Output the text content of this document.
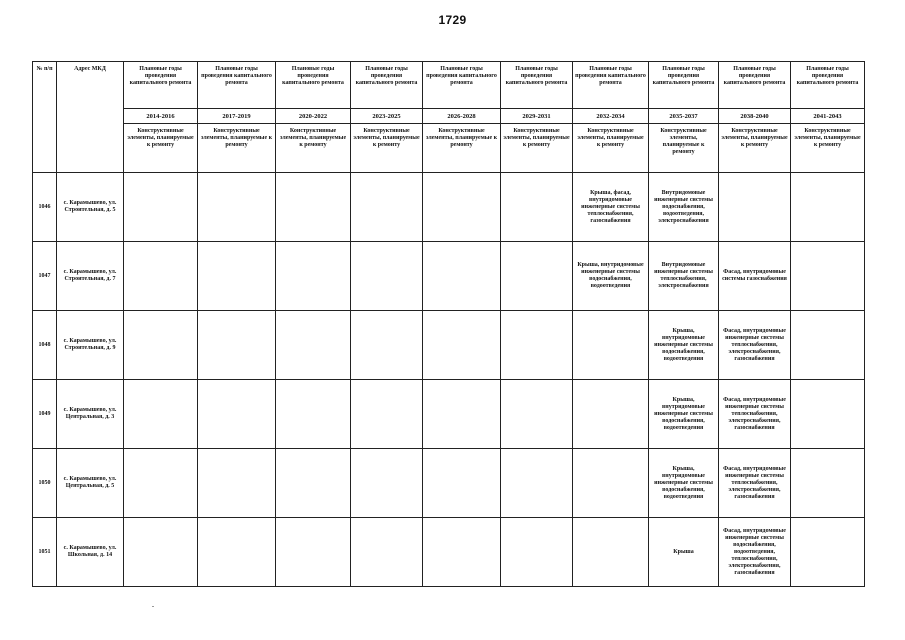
1729
№ п/п	Адрес МКД	Плановые годы проведения капитального ремонта	Плановые годы проведения капитального ремонта	Плановые годы проведения капитального ремонта	Плановые годы проведения капитального ремонта	Плановые годы проведения капитального ремонта	Плановые годы проведения капитального ремонта	Плановые годы проведения капитального ремонта	Плановые годы проведения капитального ремонта	Плановые годы проведения капитального ремонта	Плановые годы проведения капитального ремонта
		2014-2016	2017-2019	2020-2022	2023-2025	2026-2028	2029-2031	2032-2034	2035-2037	2038-2040	2041-2043
		Конструктивные элементы, планируемые к ремонту	Конструктивные элементы, планируемые к ремонту	Конструктивные элементы, планируемые к ремонту	Конструктивные элементы, планируемые к ремонту	Конструктивные элементы, планируемые к ремонту	Конструктивные элементы, планируемые к ремонту	Конструктивные элементы, планируемые к ремонту	Конструктивные элементы, планируемые к ремонту	Конструктивные элементы, планируемые к ремонту	Конструктивные элементы, планируемые к ремонту
1046	с. Карамышево, ул. Строительная, д. 5							Крыша, фасад, внутридомовые инженерные системы теплоснабжения, газоснабжения	Внутридомовые инженерные системы водоснабжения, водоотведения, электроснабжения		
1047	с. Карамышево, ул. Строительная, д. 7							Крыша, внутридомовые инженерные системы водоснабжения, водоотведения	Внутридомовые инженерные системы теплоснабжения, электроснабжения	Фасад, внутридомовые системы газоснабжения	
1048	с. Карамышево, ул. Строительная, д. 9								Крыша, внутридомовые инженерные системы водоснабжения, водоотведения	Фасад, внутридомовые инженерные системы теплоснабжения, электроснабжения, газоснабжения	
1049	с. Карамышево, ул. Центральная, д. 3								Крыша, внутридомовые инженерные системы водоснабжения, водоотведения	Фасад, внутридомовые инженерные системы теплоснабжения, электроснабжения, газоснабжения	
1050	с. Карамышево, ул. Центральная, д. 5								Крыша, внутридомовые инженерные системы водоснабжения, водоотведения	Фасад, внутридомовые инженерные системы теплоснабжения, электроснабжения, газоснабжения	
1051	с. Карамышево, ул. Школьная, д. 14								Крыша	Фасад, внутридомовые инженерные системы водоснабжения, водоотведения, теплоснабжения, электроснабжения, газоснабжения	
